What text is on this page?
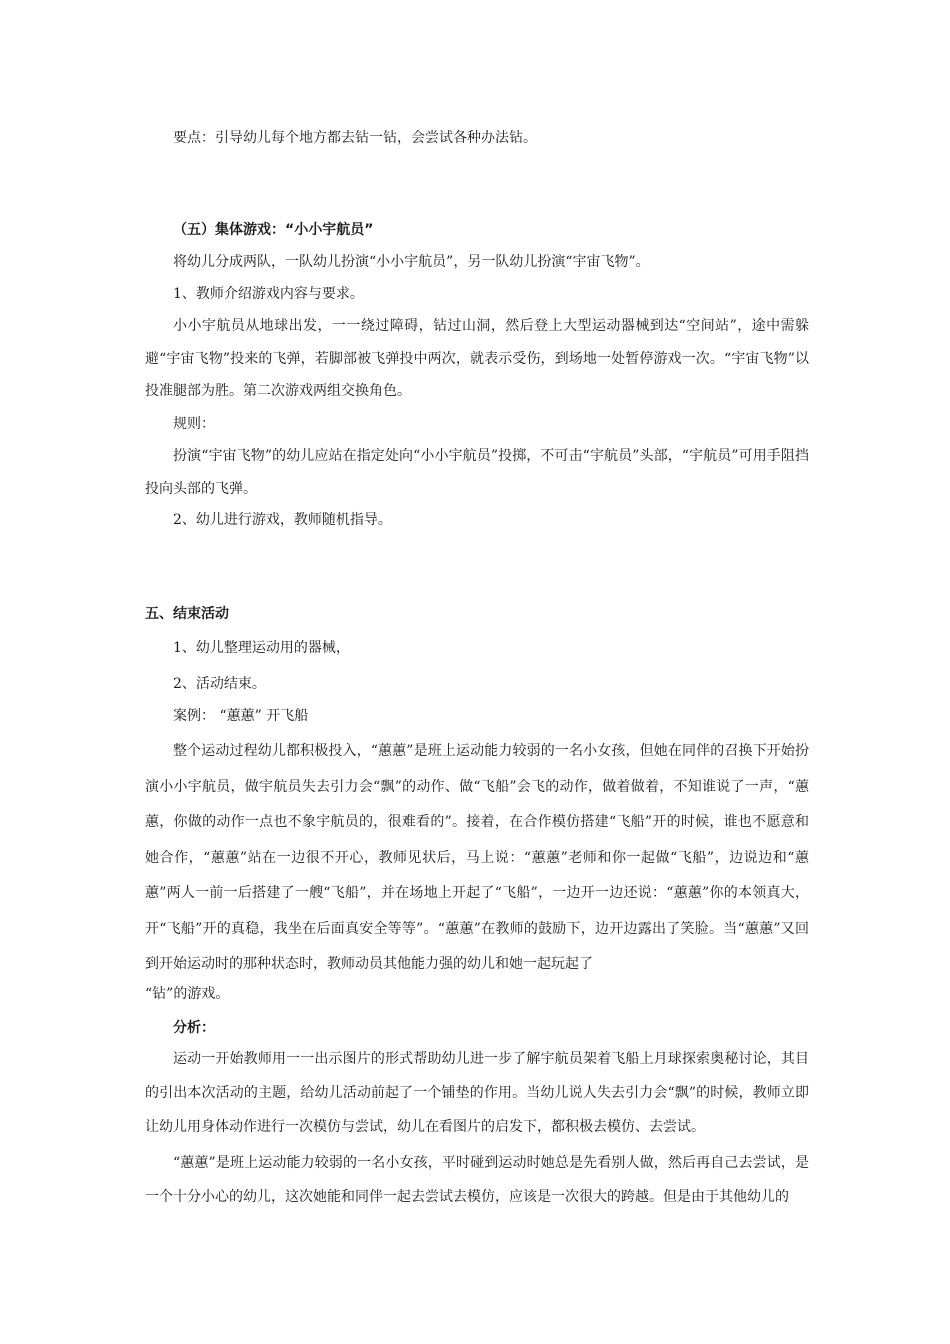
要点：引导幼儿每个地方都去钻一钻，会尝试各种办法钻。
（五）集体游戏：“小小宇航员”
将幼儿分成两队，一队幼儿扮演“小小宇航员”，另一队幼儿扮演“宇宙飞物”。
1、教师介绍游戏内容与要求。
小小宇航员从地球出发，一一绕过障碍，钻过山洞，然后登上大型运动器械到达“空间站”，途中需躲避“宇宙飞物”投来的飞弹，若脚部被飞弹投中两次，就表示受伤，到场地一处暂停游戏一次。“宇宙飞物”以投准腿部为胜。第二次游戏两组交换角色。
规则：
扮演“宇宙飞物”的幼儿应站在指定处向“小小宇航员”投掷，不可击“宇航员”头部，“宇航员”可用手阻挡投向头部的飞弹。
2、幼儿进行游戏，教师随机指导。
五、结束活动
1、幼儿整理运动用的器械，
2、活动结束。
案例： “蕙蕙” 开飞船
整个运动过程幼儿都积极投入，“蕙蕙”是班上运动能力较弱的一名小女孩，但她在同伴的召换下开始扮演小小宇航员，做宇航员失去引力会“飘”的动作、做“飞船”会飞的动作，做着做着，不知谁说了一声，“蕙蕙，你做的动作一点也不象宇航员的，很难看的”。接着，在合作模仿搭建“飞船”开的时候，谁也不愿意和她合作，“蕙蕙”站在一边很不开心，教师见状后，马上说：“蕙蕙”老师和你一起做“飞船”，边说边和“蕙蕙”两人一前一后搭建了一艘“飞船”，并在场地上开起了“飞船”，一边开一边还说：“蕙蕙”你的本领真大，开“飞船”开的真稳，我坐在后面真安全等等”。“蕙蕙”在教师的鼓励下，边开边露出了笑脸。当“蕙蕙”又回到开始运动时的那种状态时，教师动员其他能力强的幼儿和她一起玩起了
“钻”的游戏。
分析：
运动一开始教师用一一出示图片的形式帮助幼儿进一步了解宇航员架着飞船上月球探索奥秘讨论，其目的引出本次活动的主题，给幼儿活动前起了一个铺垫的作用。当幼儿说人失去引力会“飘”的时候，教师立即让幼儿用身体动作进行一次模仿与尝试，幼儿在看图片的启发下，都积极去模仿、去尝试。
“蕙蕙”是班上运动能力较弱的一名小女孩，平时碰到运动时她总是先看别人做，然后再自己去尝试，是一个十分小心的幼儿，这次她能和同伴一起去尝试去模仿，应该是一次很大的跨越。但是由于其他幼儿的
